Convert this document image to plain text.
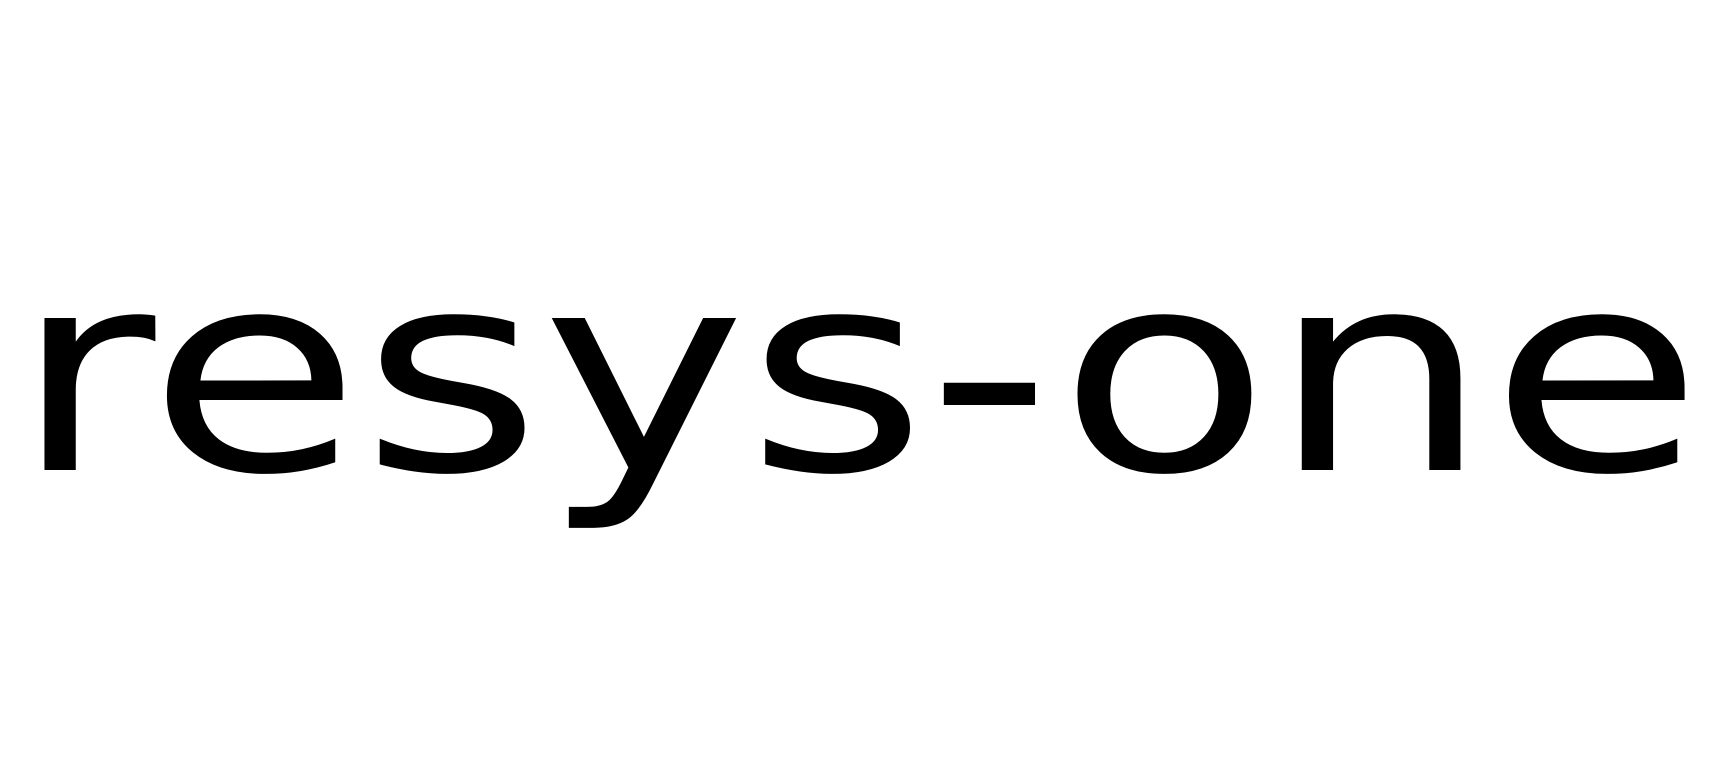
resys-one
